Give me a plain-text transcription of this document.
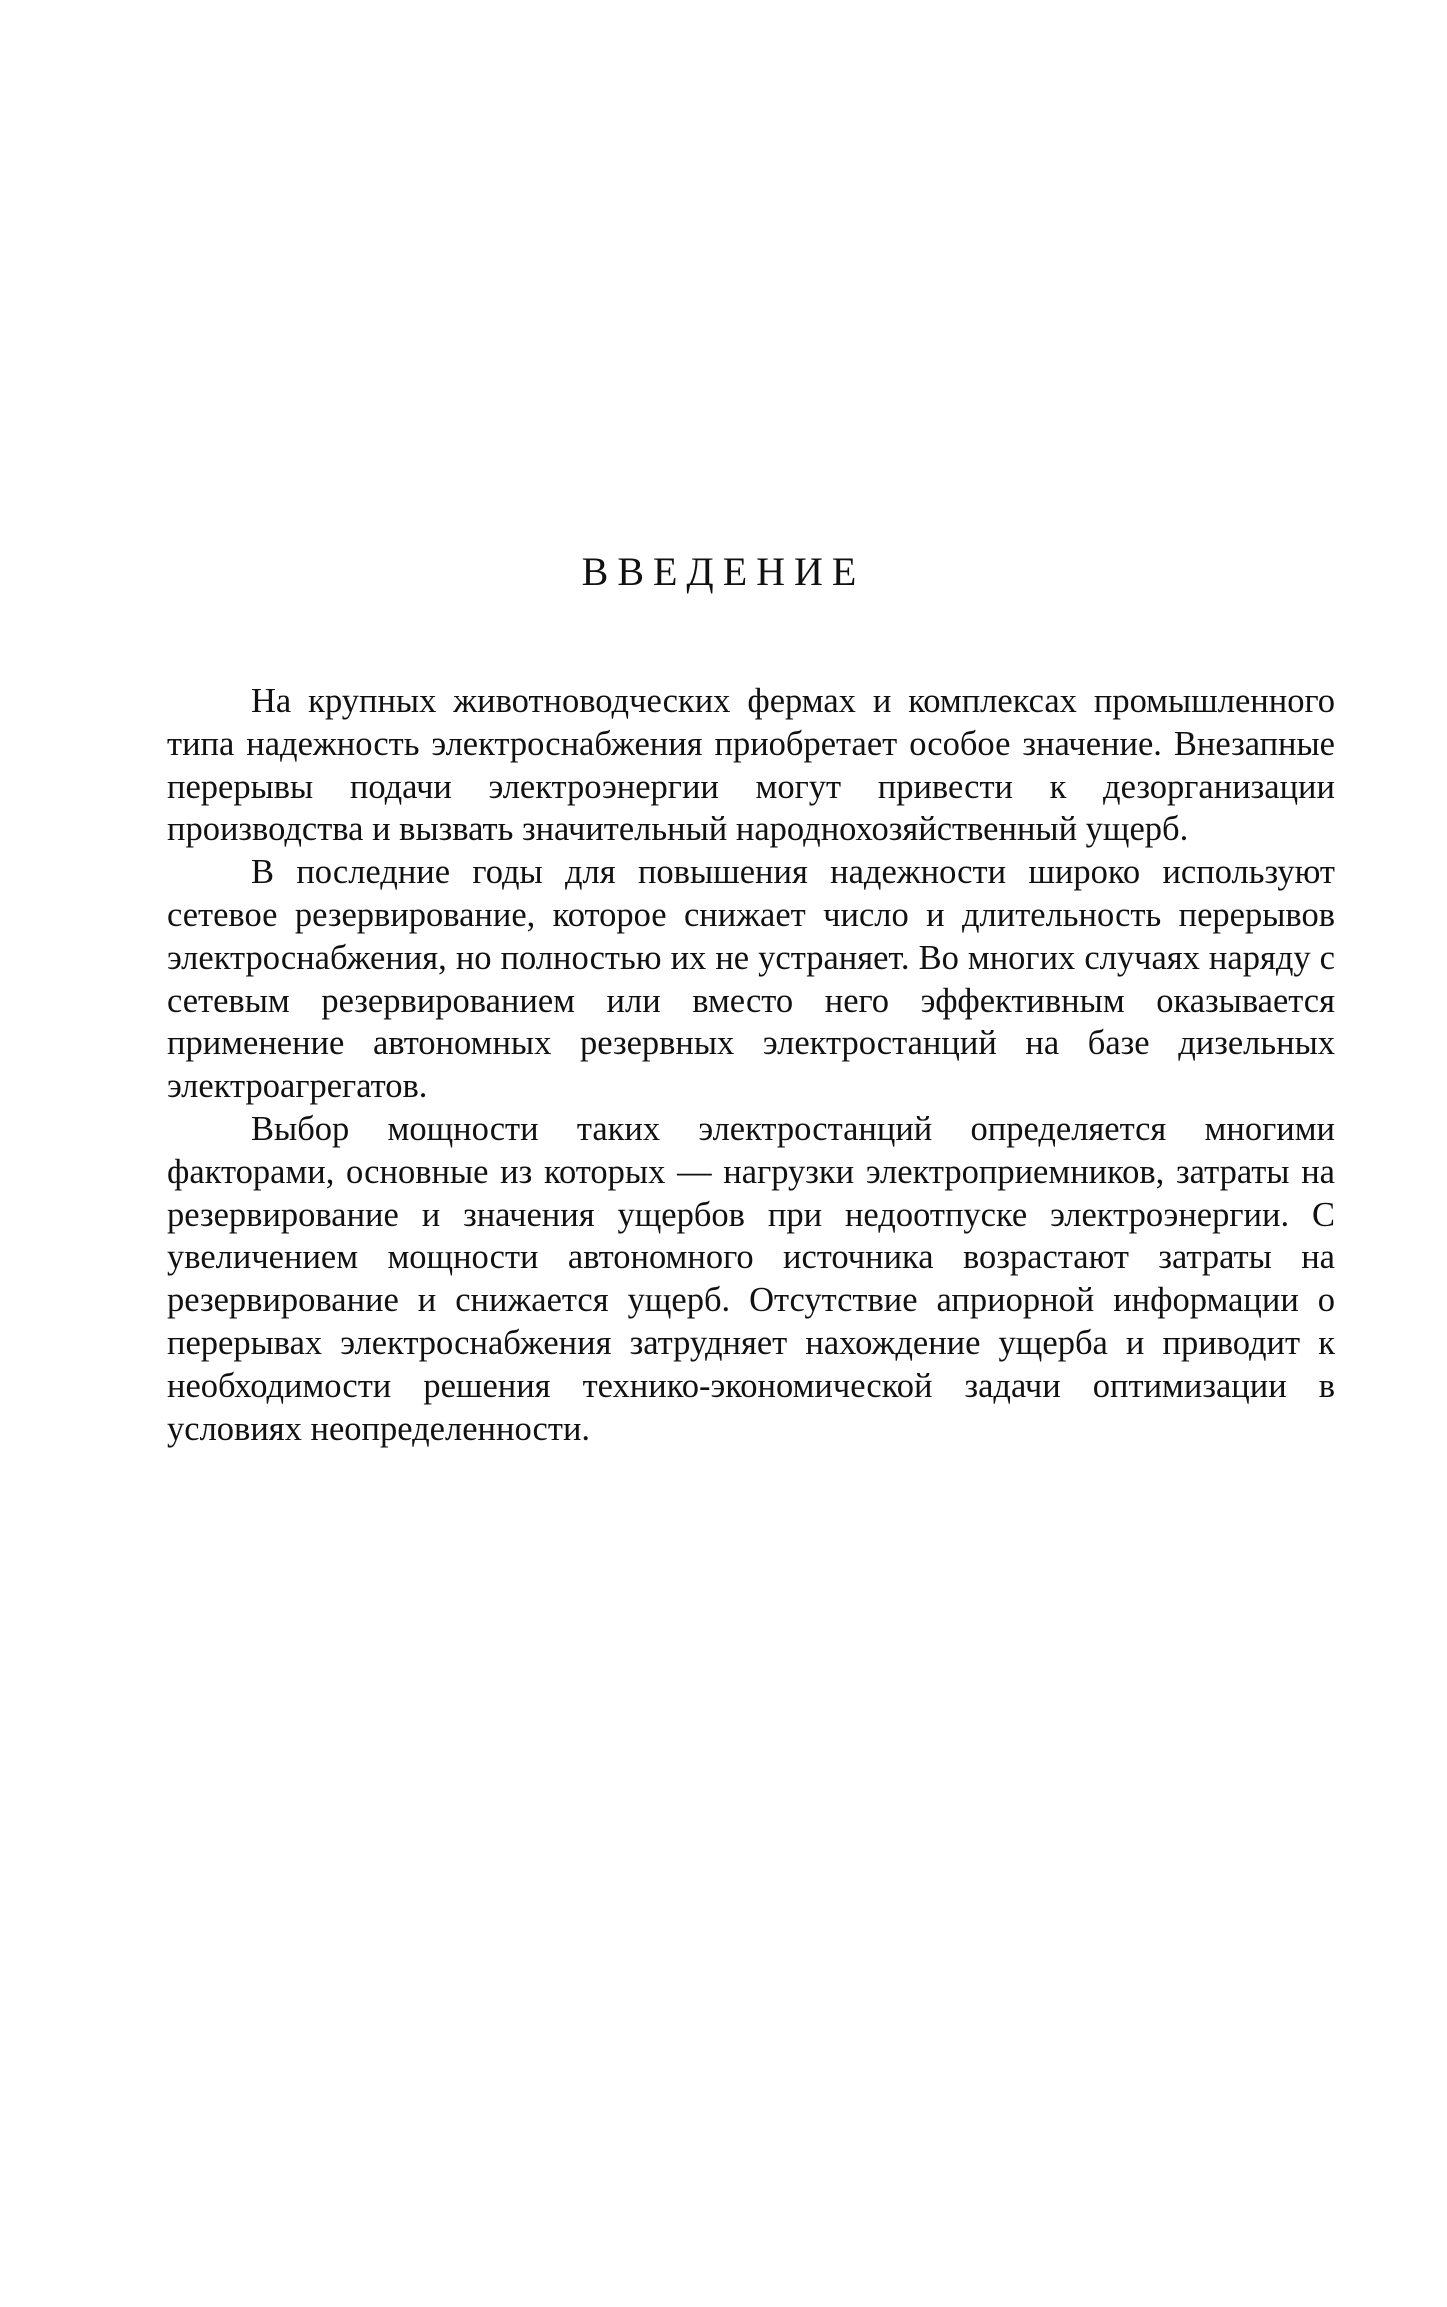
ВВЕДЕНИЕ

На крупных животноводческих фермах и комплексах промышленного типа надежность электроснабжения приобретает особое значение. Внезапные перерывы подачи электроэнергии могут привести к дезорганизации производства и вызвать значительный народнохозяйственный ущерб.

В последние годы для повышения надежности широко используют сетевое резервирование, которое снижает число и длительность перерывов электроснабжения, но полностью их не устраняет. Во многих случаях наряду с сетевым резервированием или вместо него эффективным оказывается применение автономных резервных электростанций на базе дизельных электроагрегатов.

Выбор мощности таких электростанций определяется многими факторами, основные из которых — нагрузки электроприемников, затраты на резервирование и значения ущербов при недоотпуске электроэнергии. С увеличением мощности автономного источника возрастают затраты на резервирование и снижается ущерб. Отсутствие априорной информации о перерывах электроснабжения затрудняет нахождение ущерба и приводит к необходимости решения технико-экономической задачи оптимизации в условиях неопределенности.
